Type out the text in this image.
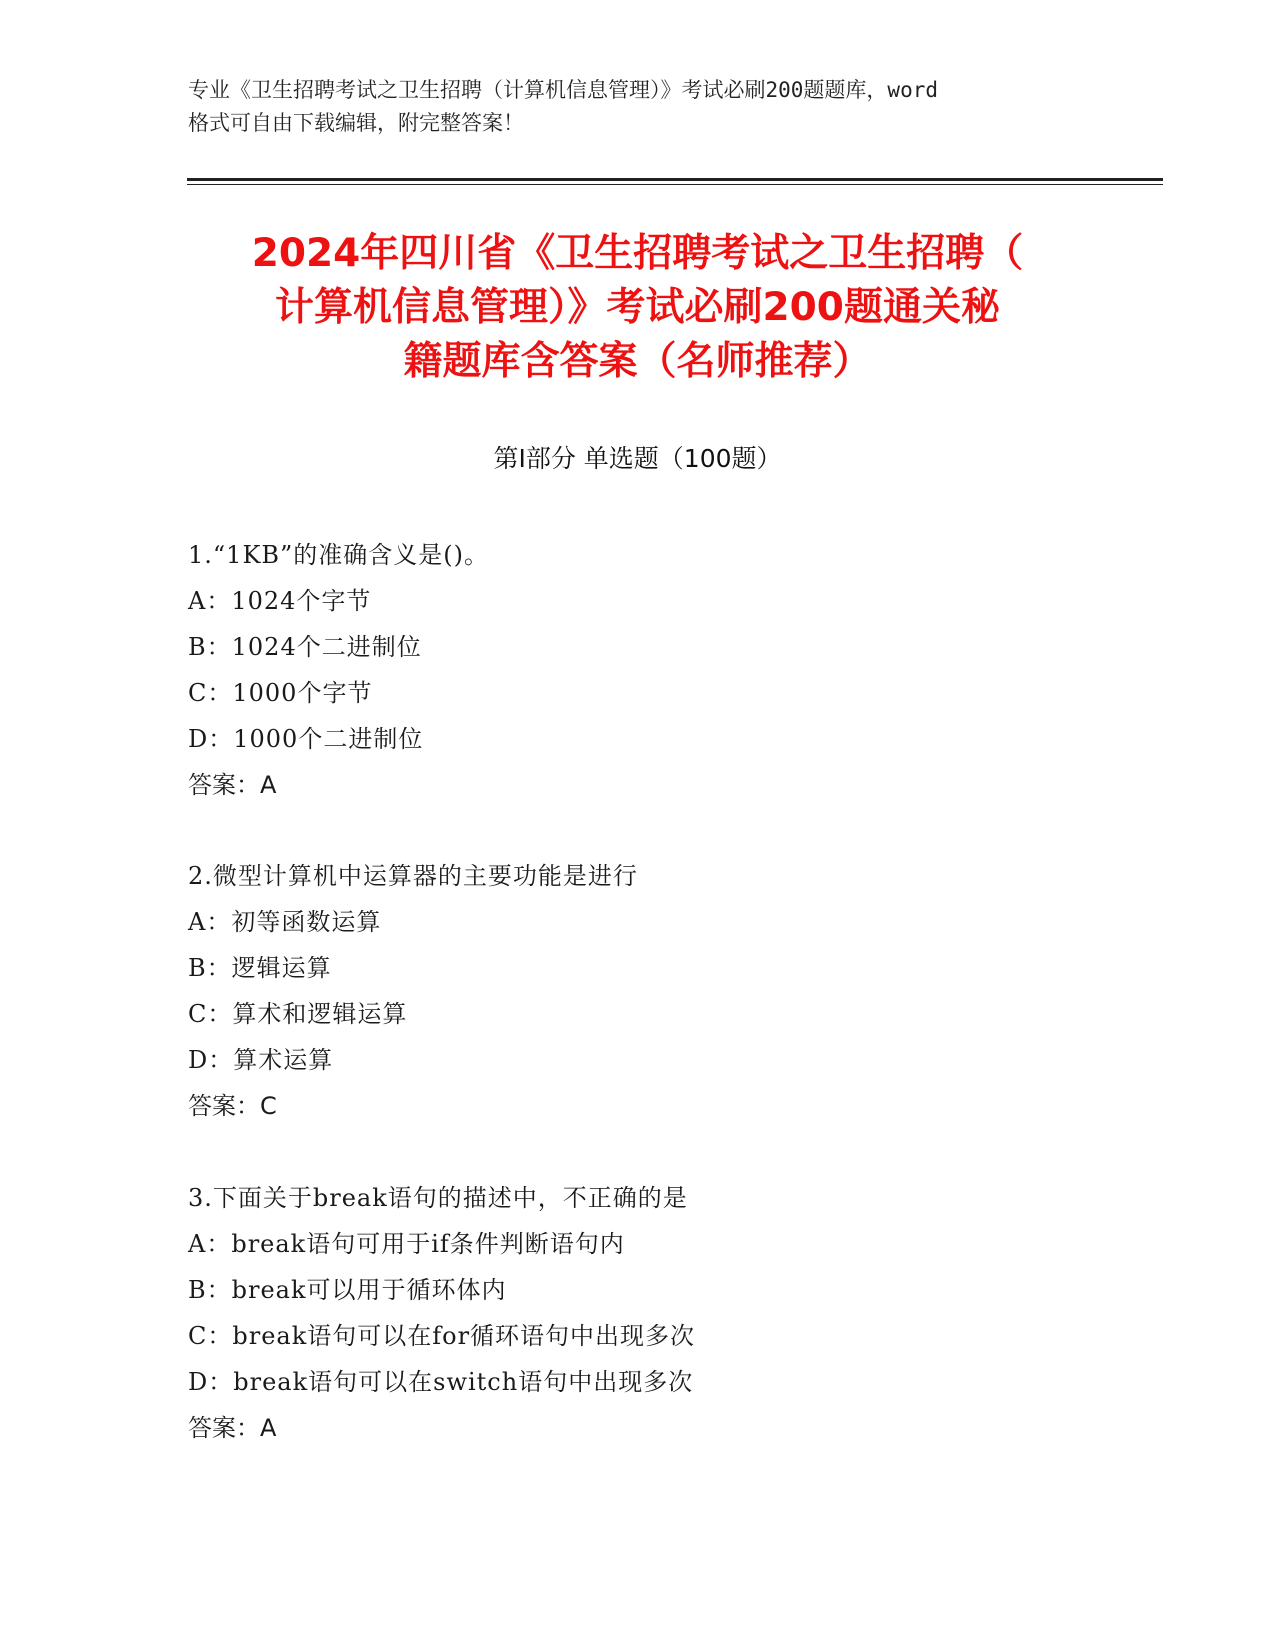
专业《卫生招聘考试之卫生招聘（计算机信息管理）》考试必刷200题题库，word
格式可自由下载编辑，附完整答案！
2024年四川省《卫生招聘考试之卫生招聘（
计算机信息管理）》考试必刷200题通关秘
籍题库含答案（名师推荐）
第Ⅰ部分 单选题（100题）
1.“1KB”的准确含义是()。
A：1024个字节
B：1024个二进制位
C：1000个字节
D：1000个二进制位
答案：A
2.微型计算机中运算器的主要功能是进行
A：初等函数运算
B：逻辑运算
C：算术和逻辑运算
D：算术运算
答案：C
3.下面关于break语句的描述中，不正确的是
A：break语句可用于if条件判断语句内
B：break可以用于循环体内
C：break语句可以在for循环语句中出现多次
D：break语句可以在switch语句中出现多次
答案：A
